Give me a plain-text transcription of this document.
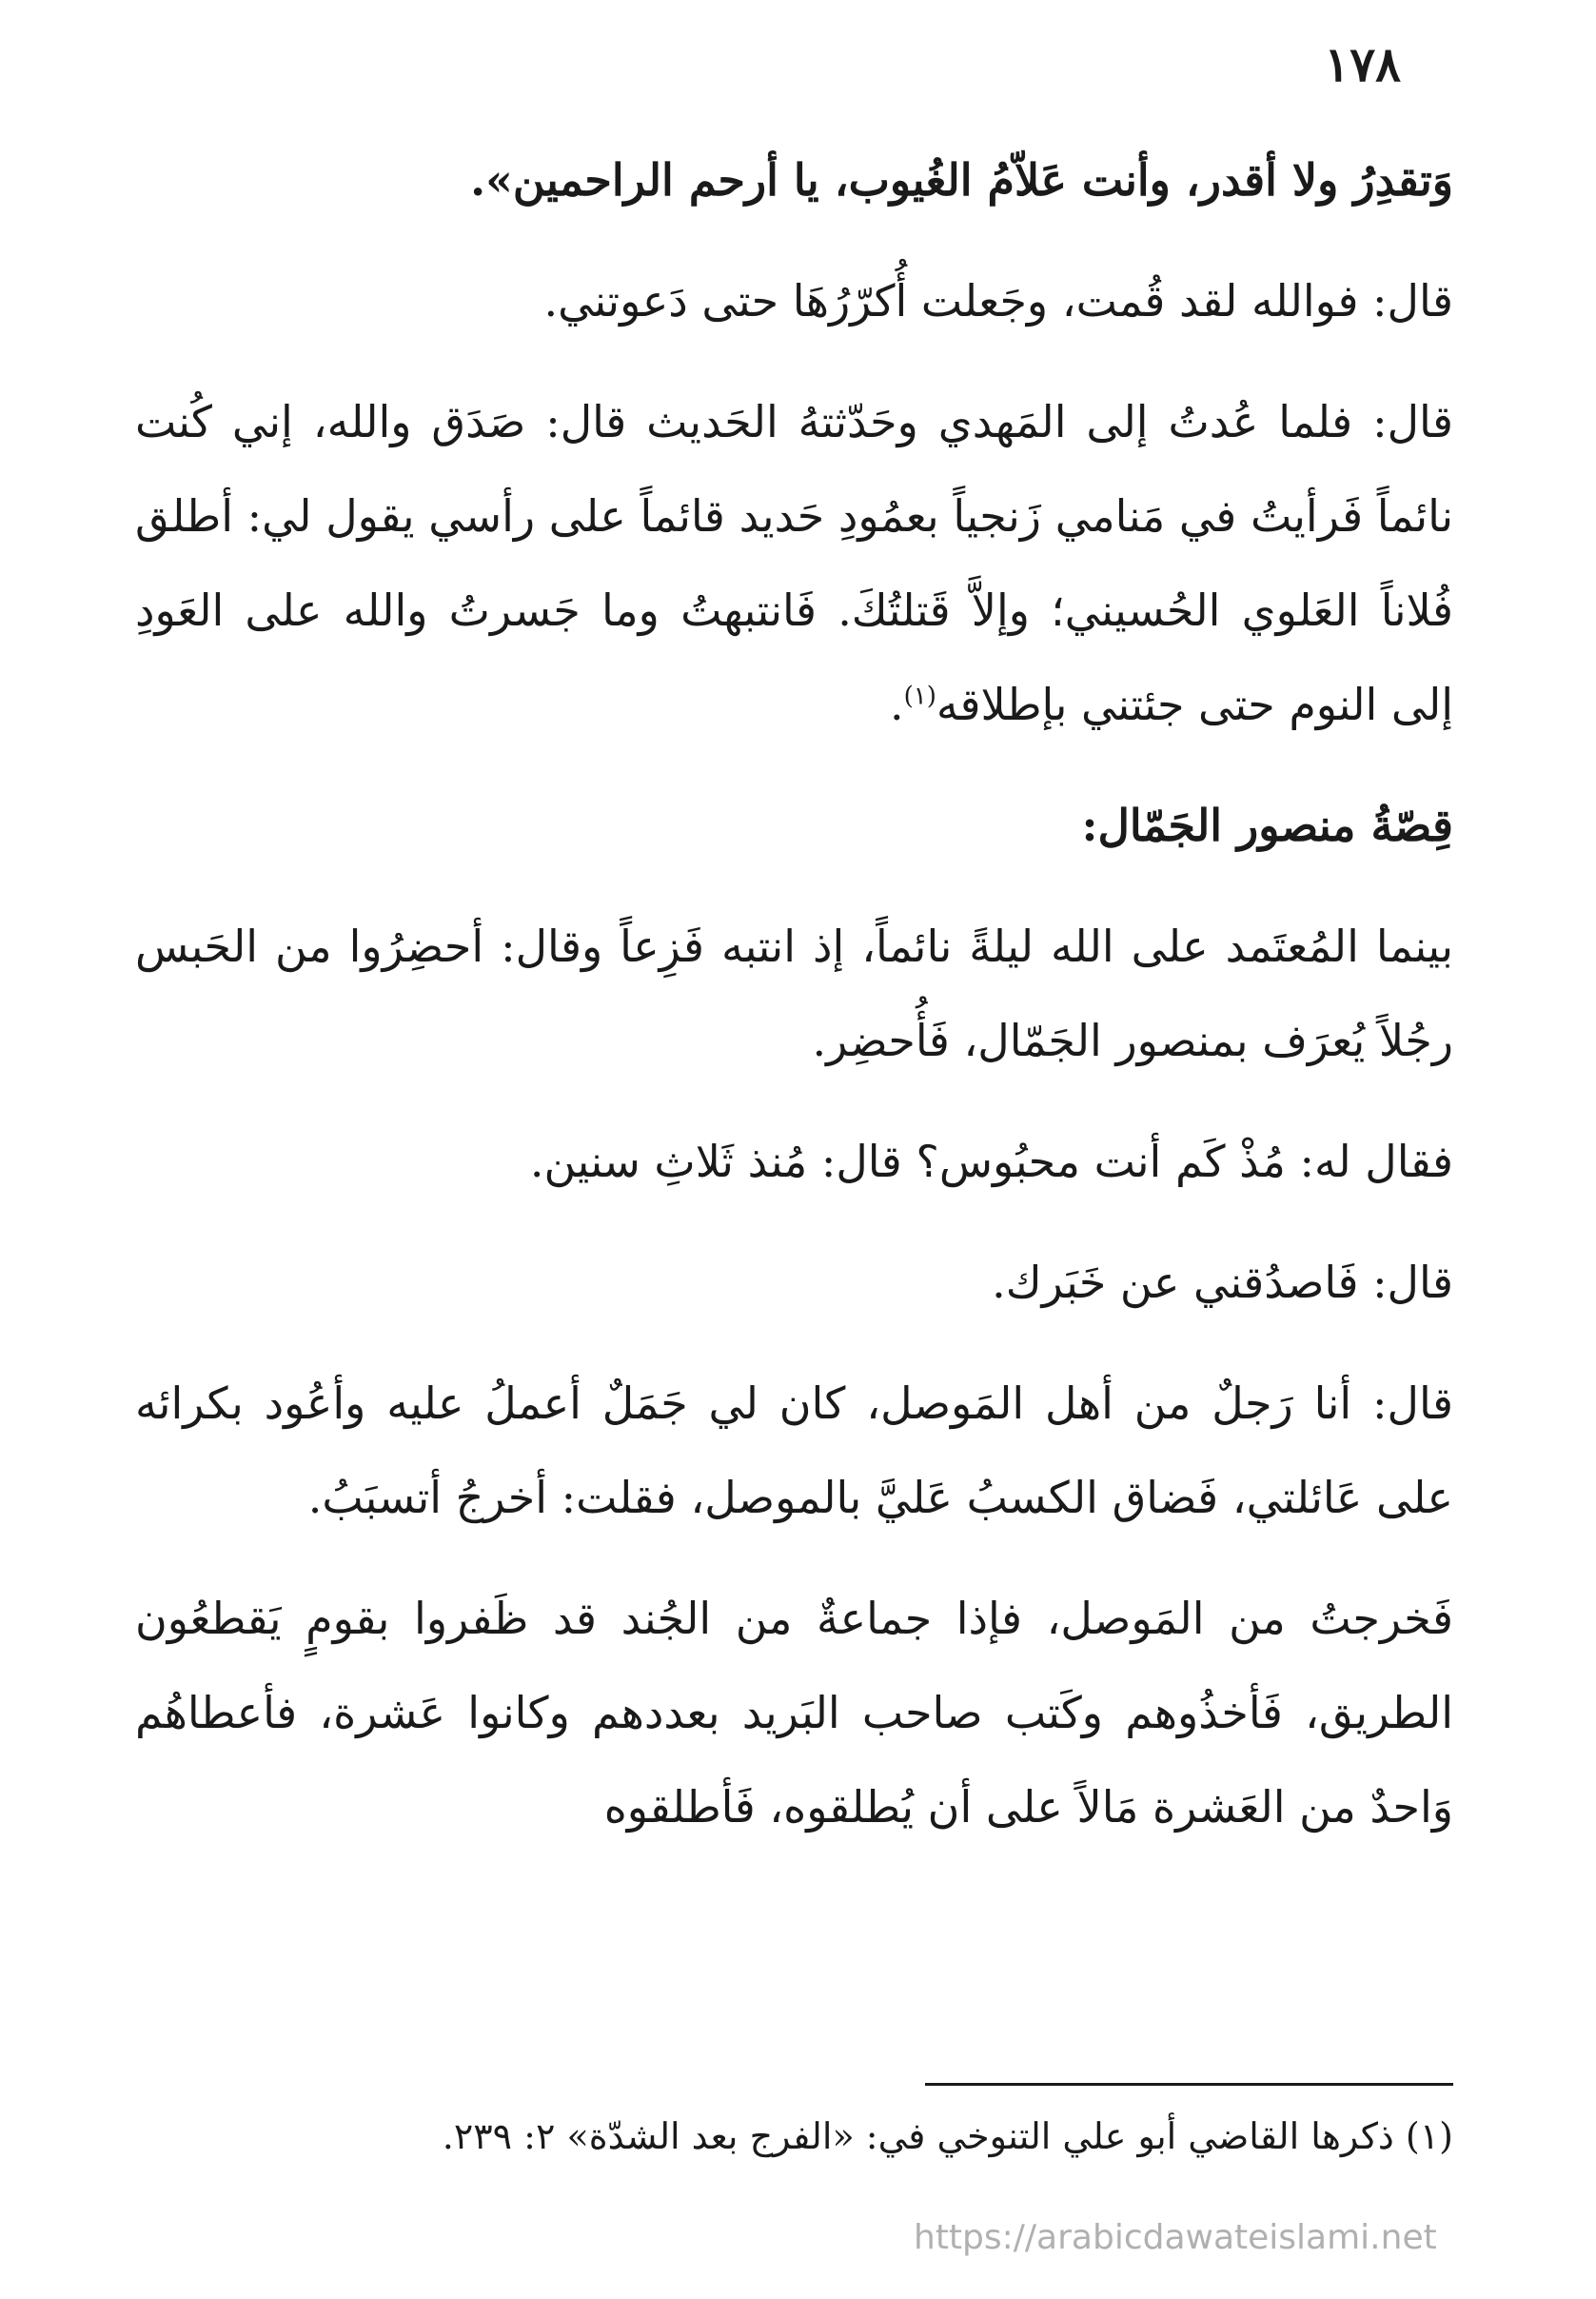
١٧٨

وَتقدِرُ ولا أقدر، وأنت عَلاّمُ الغُيوب، يا أرحم الراحمين».

قال: فوالله لقد قُمت، وجَعلت أُكرّرُهَا حتى دَعوتني.

قال: فلما عُدتُ إلى المَهدي وحَدّثتهُ الحَديث قال: صَدَق والله، إني كُنت نائماً فَرأيتُ في مَنامي زَنجياً بعمُودِ حَديد قائماً على رأسي يقول لي: أطلق فُلاناً العَلوي الحُسيني؛ وإلاَّ قَتلتُكَ. فَانتبهتُ وما جَسرتُ والله على العَودِ إلى النوم حتى جئتني بإطلاقه$^{(١)}$.

قِصّةُ منصور الجَمّال:

بينما المُعتَمد على الله ليلةً نائماً، إذ انتبه فَزِعاً وقال: أحضِرُوا من الحَبس رجُلاً يُعرَف بمنصور الجَمّال، فَأُحضِر.

فقال له: مُذْ كَم أنت محبُوس؟ قال: مُنذ ثَلاثِ سنين.

قال: فَاصدُقني عن خَبَرك.

قال: أنا رَجلٌ من أهل المَوصل، كان لي جَمَلٌ أعملُ عليه وأعُود بكرائه على عَائلتي، فَضاق الكسبُ عَليَّ بالموصل، فقلت: أخرجُ أتسبَبُ.

فَخرجتُ من المَوصل، فإذا جماعةٌ من الجُند قد ظَفروا بقومٍ يَقطعُون الطريق، فَأخذُوهم وكَتب صاحب البَريد بعددهم وكانوا عَشرة، فأعطاهُم وَاحدٌ من العَشرة مَالاً على أن يُطلقوه، فَأطلقوه

(١) ذكرها القاضي أبو علي التنوخي في: «الفرج بعد الشدّة» ٢: ٢٣٩.
https://arabicdawateislami.net
